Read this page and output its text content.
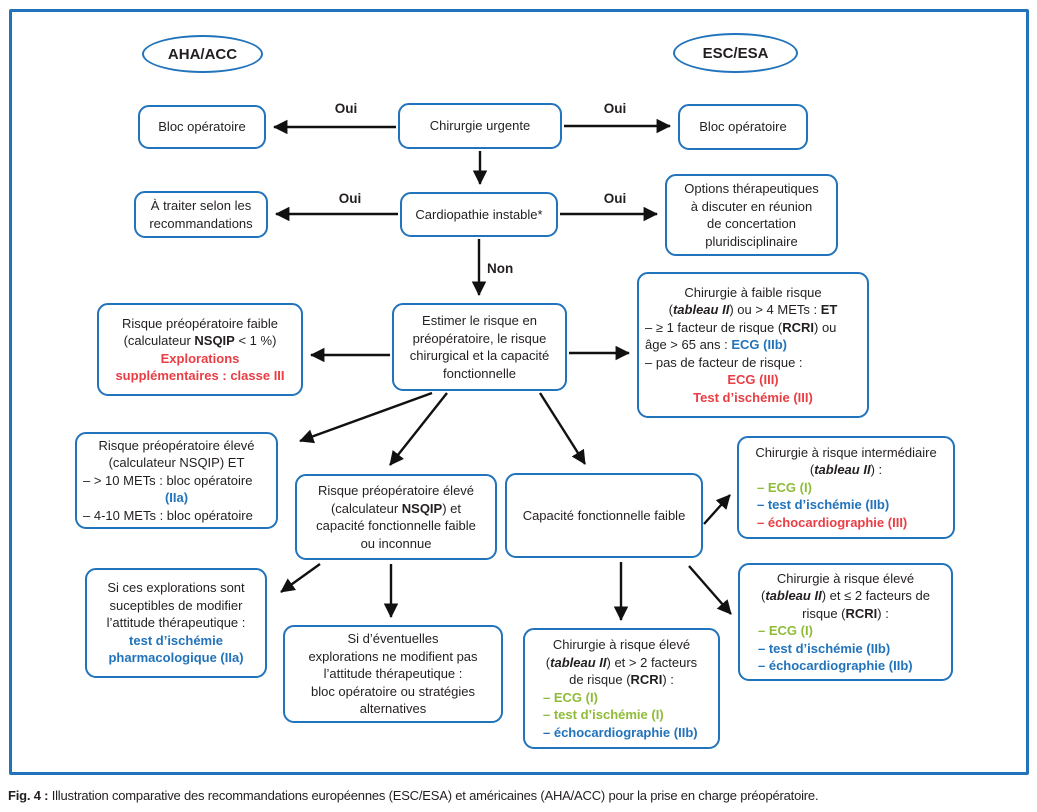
AHA/ACC	ESC/ESA
Bloc opératoire	Chirurgie urgente	Bloc opératoire
À traiter selon les
recommandations
Cardiopathie instable*
Options thérapeutiques
à discuter en réunion
de concertation
pluridisciplinaire
Risque préopératoire faible
(calculateur NSQIP < 1 %)
Explorations
supplémentaires : classe III
Estimer le risque en
préopératoire, le risque
chirurgical et la capacité
fonctionnelle
Chirurgie à faible risque
(tableau II) ou > 4 METs : ET
– ≥ 1 facteur de risque (RCRI) ou
âge > 65 ans : ECG (IIb)
– pas de facteur de risque :
ECG (III)
Test d’ischémie (III)
Risque préopératoire élevé
(calculateur NSQIP) ET
– > 10 METs : bloc opératoire
(IIa)
– 4-10 METs : bloc opératoire
Risque préopératoire élevé
(calculateur NSQIP) et
capacité fonctionnelle faible
ou inconnue
Capacité fonctionnelle faible
Chirurgie à risque intermédiaire
(tableau II) :
– ECG (I)
– test d’ischémie (IIb)
– échocardiographie (III)
Si ces explorations sont
suceptibles de modifier
l’attitude thérapeutique :
test d’ischémie
pharmacologique (IIa)
Si d’éventuelles
explorations ne modifient pas
l’attitude thérapeutique :
bloc opératoire ou stratégies
alternatives
Chirurgie à risque élevé
(tableau II) et > 2 facteurs
de risque (RCRI) :
– ECG (I)
– test d’ischémie (I)
– échocardiographie (IIb)
Chirurgie à risque élevé
(tableau II) et ≤ 2 facteurs de
risque (RCRI) :
– ECG (I)
– test d’ischémie (IIb)
– échocardiographie (IIb)
Oui	Oui
Oui	Oui
Non
Fig. 4 : Illustration comparative des recommandations européennes (ESC/ESA) et américaines (AHA/ACC) pour la prise en charge préopératoire.
